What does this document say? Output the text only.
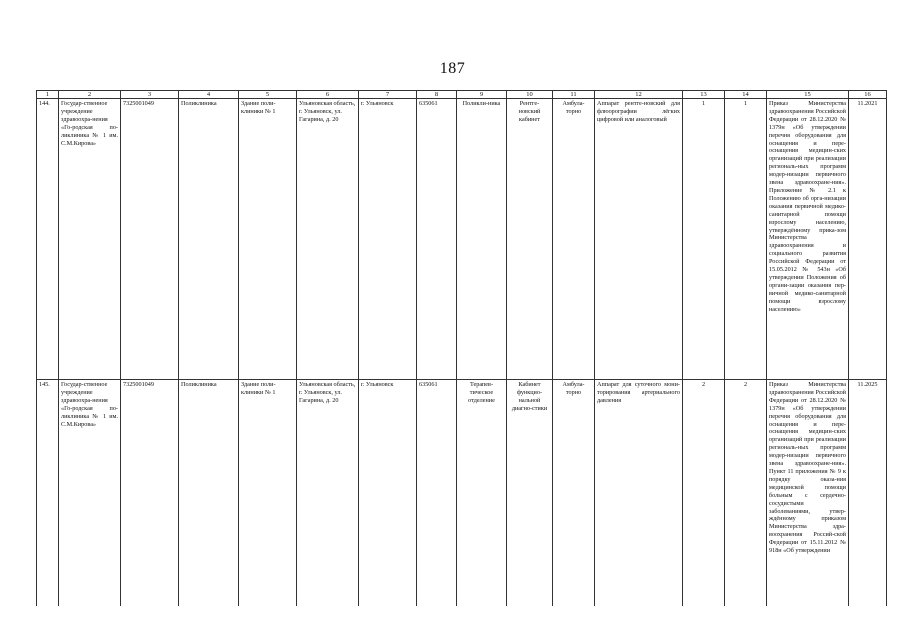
187
1	2	3	4	5	6	7	8	9	10	11	12	13	14	15	16
144.	Государ-ственное учреждение здравоохра-нения «Го-родская по-ликлиника № 1 им. С.М.Кирова»	7325001049	Поликлиника	Здание поли-клиники № 1	Ульяновская область, г. Ульяновск, ул. Гагарина, д. 20	г. Ульяновск	635061	Поликли-ника	Рентге-новский кабинет	Амбула-торно	Аппарат рентге-новский для флюорографии лёгких цифровой или аналоговый	1	1	Приказ Министерства здравоохранения Российской Федерации от 28.12.2020 № 1379н «Об утверждении перечня оборудования для оснащения и пере-оснащения медицин-ских организаций при реализации региональ-ных программ модер-низации первичного звена здравоохране-ния». Приложение № 2.1 к Положению об орга-низации оказания первичной медико-санитарной помощи взрослому населению, утверждённому прика-зом Министерства здравоохранения и социального развития Российской Федерации от 15.05.2012 № 543н «Об утверждении Положения об органи-зации оказания пер-вичной медико-санитарной помощи взрослому населению»	11.2021
145.	Государ-ственное учреждение здравоохра-нения «Го-родская по-ликлиника № 1 им. С.М.Кирова»	7325001049	Поликлиника	Здание поли-клиники № 1	Ульяновская область, г. Ульяновск, ул. Гагарина, д. 20	г. Ульяновск	635061	Терапев-тическое отделение	Кабинет функцио-нальной диагно-стики	Амбула-торно	Аппарат для суточного мони-торирования артериального давления	2	2	Приказ Министерства здравоохранения Российской Федерации от 28.12.2020 № 1379н «Об утверждении перечня оборудования для оснащения и пере-оснащения медицин-ских организаций при реализации региональ-ных программ модер-низации первичного звена здравоохране-ния». Пункт 11 приложения № 9 к порядку оказа-ния медицинской помощи больным с сердечно-сосудистыми заболеваниями, утвер-ждённому приказом Министерства здра-воохранения Россий-ской Федерации от 15.11.2012 № 918н «Об утверждении	11.2025
